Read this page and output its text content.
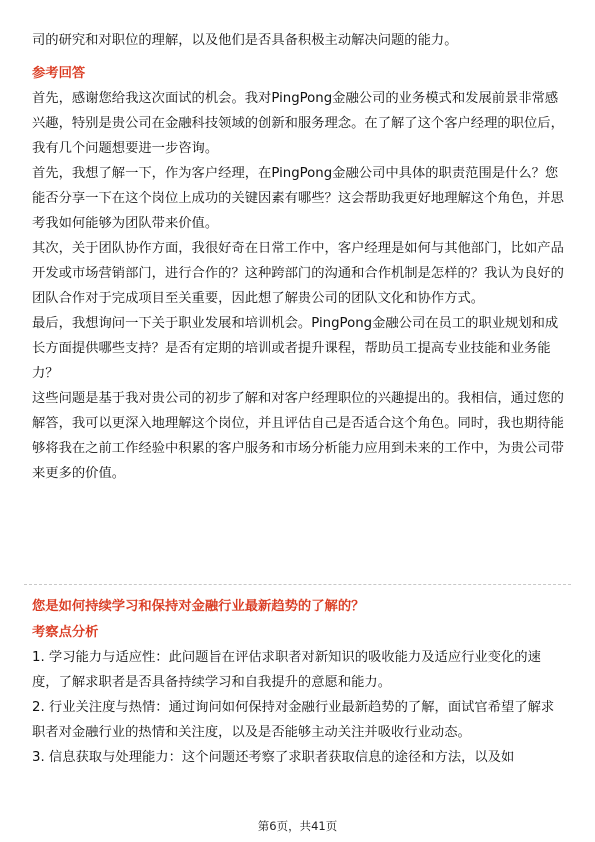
司的研究和对职位的理解，以及他们是否具备积极主动解决问题的能力。

参考回答

首先，感谢您给我这次面试的机会。我对PingPong金融公司的业务模式和发展前景非常感兴趣，特别是贵公司在金融科技领域的创新和服务理念。在了解了这个客户经理的职位后，我有几个问题想要进一步咨询。

首先，我想了解一下，作为客户经理，在PingPong金融公司中具体的职责范围是什么？您能否分享一下在这个岗位上成功的关键因素有哪些？这会帮助我更好地理解这个角色，并思考我如何能够为团队带来价值。

其次，关于团队协作方面，我很好奇在日常工作中，客户经理是如何与其他部门，比如产品开发或市场营销部门，进行合作的？这种跨部门的沟通和合作机制是怎样的？我认为良好的团队合作对于完成项目至关重要，因此想了解贵公司的团队文化和协作方式。

最后，我想询问一下关于职业发展和培训机会。PingPong金融公司在员工的职业规划和成长方面提供哪些支持？是否有定期的培训或者提升课程，帮助员工提高专业技能和业务能力？

这些问题是基于我对贵公司的初步了解和对客户经理职位的兴趣提出的。我相信，通过您的解答，我可以更深入地理解这个岗位，并且评估自己是否适合这个角色。同时，我也期待能够将我在之前工作经验中积累的客户服务和市场分析能力应用到未来的工作中，为贵公司带来更多的价值。

您是如何持续学习和保持对金融行业最新趋势的了解的？

考察点分析

1. 学习能力与适应性：此问题旨在评估求职者对新知识的吸收能力及适应行业变化的速度，了解求职者是否具备持续学习和自我提升的意愿和能力。

2. 行业关注度与热情：通过询问如何保持对金融行业最新趋势的了解，面试官希望了解求职者对金融行业的热情和关注度，以及是否能够主动关注并吸收行业动态。

3. 信息获取与处理能力：这个问题还考察了求职者获取信息的途径和方法，以及如

第6页，共41页
